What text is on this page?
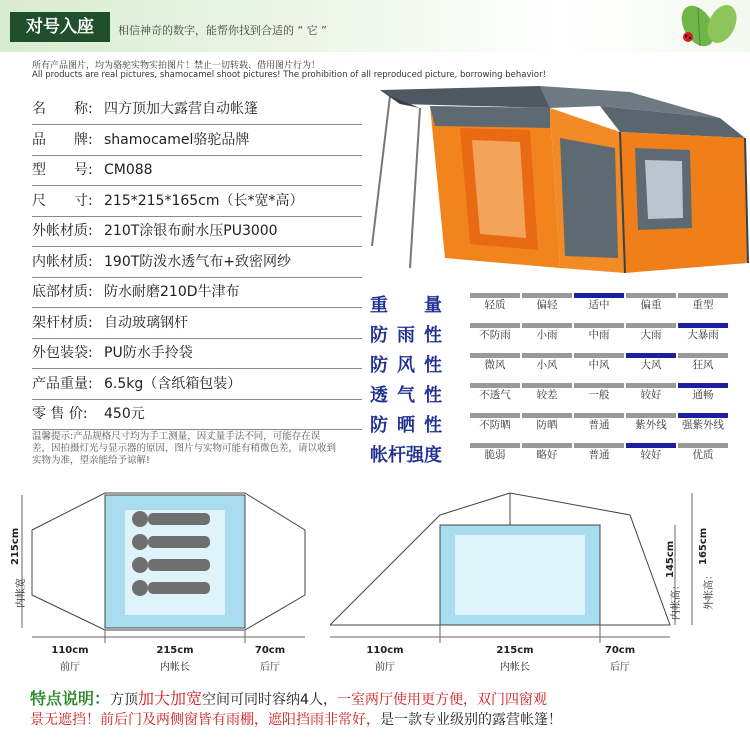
对号入座	相信神奇的数字，能帮你找到合适的 “ 它 ”
所有产品图片，均为骆驼实物实拍图片！禁止一切转载、借用图片行为！
All products are real pictures, shamocamel shoot pictures! The prohibition of all reproduced picture, borrowing behavior!
名　　称: 四方顶加大露营自动帐篷
品　　牌: shamocamel骆驼品牌
型　　号: CM088
尺　　寸: 215*215*165cm（长*宽*高）
外帐材质: 210T涂银布耐水压PU3000
内帐材质: 190T防泼水透气布+致密网纱
底部材质: 防水耐磨210D牛津布
架杆材质: 自动玻璃钢杆
外包装袋: PU防水手拎袋
产品重量: 6.5kg（含纸箱包装）
零 售 价: 450元
温馨提示:产品规格尺寸均为手工测量，因丈量手法不同，可能存在误差，因拍摄灯光与显示器的原因，图片与实物可能有稍微色差，请以收到实物为准，望亲能给予谅解!
重　量	轻质	偏轻	适中	偏重	重型
防雨性	不防雨	小雨	中雨	大雨	大暴雨
防风性	微风	小风	中风	大风	狂风
透气性	不透气	较差	一般	较好	通畅
防晒性	不防晒	防晒	普通	紫外线	强紫外线
帐杆强度	脆弱	略好	普通	较好	优质
内帐宽
215cm
110cm
前厅
215cm
内帐长
70cm
后厅
内帐高：
145cm
外帐高：
165cm
110cm
前厅
215cm
内帐长
70cm
后厅
特点说明：方顶加大加宽空间可同时容纳4人，一室两厅使用更方便，双门四窗观
景无遮挡！前后门及两侧窗皆有雨棚，遮阳挡雨非常好，是一款专业级别的露营帐篷！
